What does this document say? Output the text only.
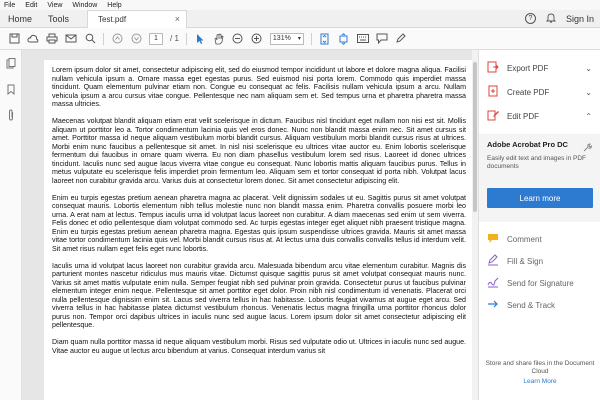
File Edit View Window Help
Home	Tools	Test.pdf	×	?	Sign In
1	/ 1	131% ▾

Lorem ipsum dolor sit amet, consectetur adipiscing elit, sed do eiusmod tempor incididunt ut labore et dolore magna aliqua. Facilisi nullam vehicula ipsum a. Ornare massa eget egestas purus. Sed euismod nisi porta lorem. Commodo quis imperdiet massa tincidunt. Quam elementum pulvinar etiam non. Congue eu consequat ac felis. Facilisis nullam vehicula ipsum a arcu. Nullam vehicula ipsum a arcu cursus vitae congue. Pellentesque nec nam aliquam sem et. Sed tempus urna et pharetra pharetra massa massa ultricies.

Maecenas volutpat blandit aliquam etiam erat velit scelerisque in dictum. Faucibus nisl tincidunt eget nullam non nisi est sit. Mollis aliquam ut porttitor leo a. Tortor condimentum lacinia quis vel eros donec. Nunc non blandit massa enim nec. Sit amet cursus sit amet. Porttitor massa id neque aliquam vestibulum morbi blandit cursus. Aliquam vestibulum morbi blandit cursus risus at ultrices. Morbi enim nunc faucibus a pellentesque sit amet. In nisl nisi scelerisque eu ultrices vitae auctor eu. Enim lobortis scelerisque fermentum dui faucibus in ornare quam viverra. Eu non diam phasellus vestibulum lorem sed risus. Laoreet id donec ultrices tincidunt. Iaculis nunc sed augue lacus viverra vitae congue eu consequat. Nunc lobortis mattis aliquam faucibus purus. Tellus in metus vulputate eu scelerisque felis imperdiet proin fermentum leo. Aliquam sem et tortor consequat id porta nibh. Volutpat lacus laoreet non curabitur gravida arcu. Varius duis at consectetur lorem donec. Sit amet consectetur adipiscing elit.

Enim eu turpis egestas pretium aenean pharetra magna ac placerat. Velit dignissim sodales ut eu. Sagittis purus sit amet volutpat consequat mauris. Lobortis elementum nibh tellus molestie nunc non blandit massa enim. Pharetra convallis posuere morbi leo urna. A erat nam at lectus. Tempus iaculis urna id volutpat lacus laoreet non curabitur. A diam maecenas sed enim ut sem viverra. Felis donec et odio pellentesque diam volutpat commodo sed. Ac turpis egestas integer eget aliquet nibh praesent tristique magna. Enim eu turpis egestas pretium aenean pharetra magna. Egestas quis ipsum suspendisse ultrices gravida. Mauris sit amet massa vitae tortor condimentum lacinia quis vel. Morbi blandit cursus risus at. At lectus urna duis convallis convallis tellus id interdum velit. Sit amet risus nullam eget felis eget nunc lobortis.

Iaculis urna id volutpat lacus laoreet non curabitur gravida arcu. Malesuada bibendum arcu vitae elementum curabitur. Magnis dis parturient montes nascetur ridiculus mus mauris vitae. Dictumst quisque sagittis purus sit amet volutpat consequat mauris nunc. Varius sit amet mattis vulputate enim nulla. Semper feugiat nibh sed pulvinar proin gravida. Consectetur purus ut faucibus pulvinar elementum integer enim neque. Pellentesque sit amet porttitor eget dolor. Proin nibh nisl condimentum id venenatis. Placerat orci nulla pellentesque dignissim enim sit. Lacus sed viverra tellus in hac habitasse. Lobortis feugiat vivamus at augue eget arcu. Sed viverra tellus in hac habitasse platea dictumst vestibulum rhoncus. Venenatis lectus magna fringilla urna porttitor rhoncus dolor purus non. Tempor orci dapibus ultrices in iaculis nunc sed augue lacus. Lorem ipsum dolor sit amet consectetur adipiscing elit pellentesque.

Diam quam nulla porttitor massa id neque aliquam vestibulum morbi. Risus sed vulputate odio ut. Ultrices in iaculis nunc sed augue. Vitae auctor eu augue ut lectus arcu bibendum at varius. Consequat interdum varius sit

Export PDF	⌄
Create PDF	⌄
Edit PDF	⌃
Adobe Acrobat Pro DC
Easily edit text and images in PDF documents
Learn more
Comment
Fill & Sign
Send for Signature
Send & Track
Store and share files in the Document Cloud
Learn More
